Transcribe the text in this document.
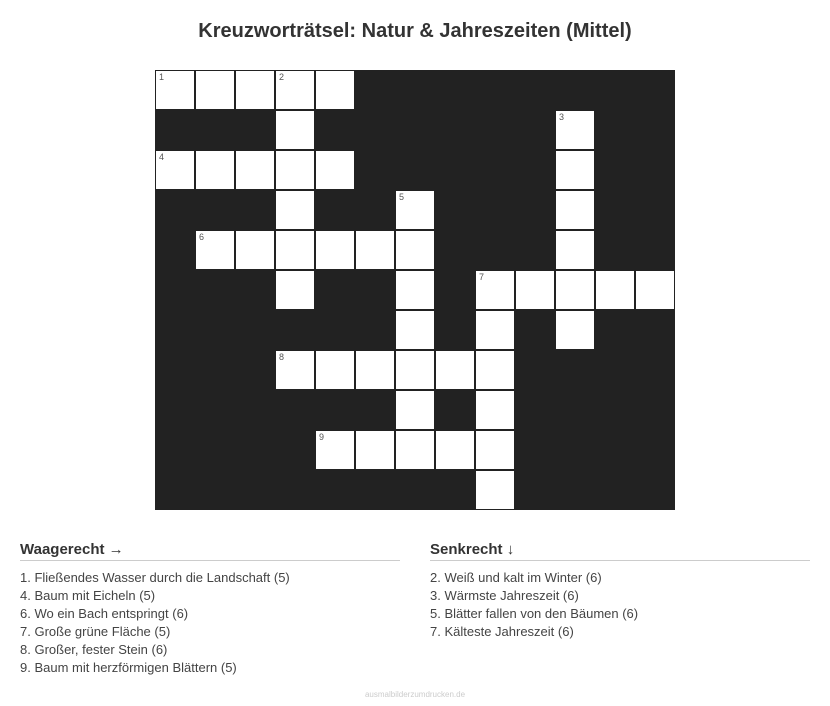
Kreuzworträtsel: Natur & Jahreszeiten (Mittel)
1	2
3
4
5
6
7
8
9
Waagerecht →
1. Fließendes Wasser durch die Landschaft (5)
4. Baum mit Eicheln (5)
6. Wo ein Bach entspringt (6)
7. Große grüne Fläche (5)
8. Großer, fester Stein (6)
9. Baum mit herzförmigen Blättern (5)
Senkrecht ↓
2. Weiß und kalt im Winter (6)
3. Wärmste Jahreszeit (6)
5. Blätter fallen von den Bäumen (6)
7. Kälteste Jahreszeit (6)
ausmalbilderzumdrucken.de
